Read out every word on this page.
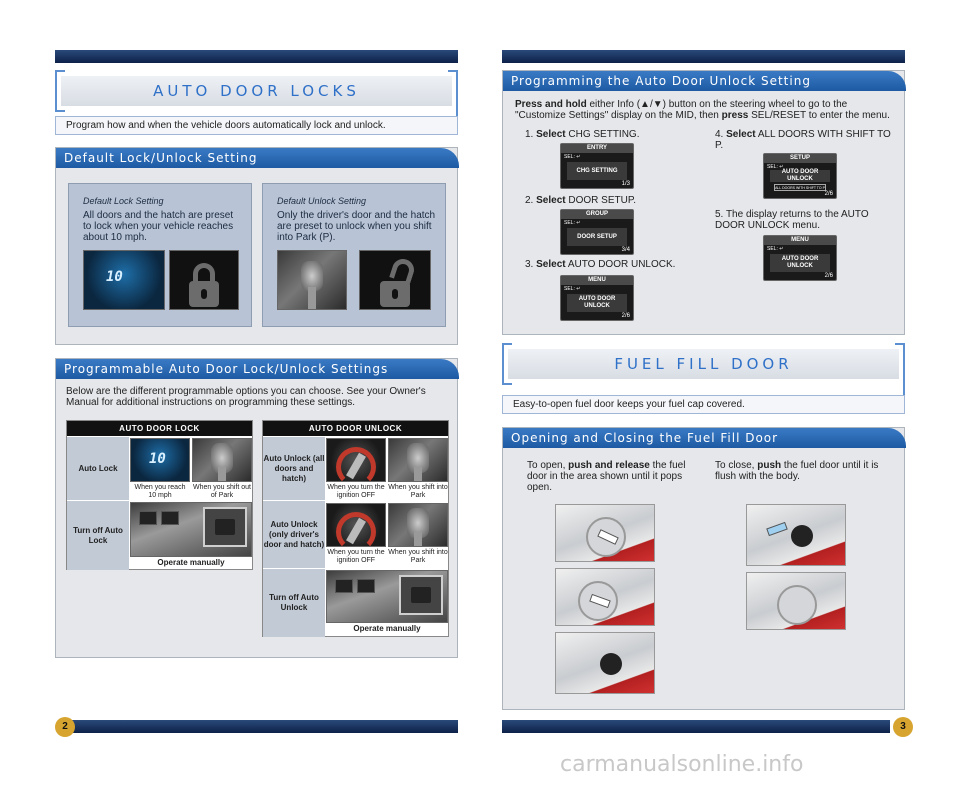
AUTO DOOR LOCKS
Program how and when the vehicle doors automatically lock and unlock.
Default Lock/Unlock Setting
Default Lock Setting
All doors and the hatch are preset to lock when your vehicle reaches about 10 mph.
10
Default Unlock Setting
Only the driver's door and the hatch are preset to unlock when you shift into Park (P).
Programmable Auto Door Lock/Unlock Settings
Below are the different programmable options you can choose. See your Owner's Manual for additional instructions on programming these settings.
AUTO DOOR LOCK
Auto Lock
10
When you reach 10 mph
When you shift out of Park
Turn off Auto Lock
Operate manually
AUTO DOOR UNLOCK
Auto Unlock (all doors and hatch)
When you turn the ignition OFF
When you shift into Park
Auto Unlock (only driver's door and hatch)
When you turn the ignition OFF
When you shift into Park
Turn off Auto Unlock
Operate manually
2
Programming the Auto Door Unlock Setting
Press and hold either Info (▲/▼) button on the steering wheel to go to the "Customize Settings" display on the MID, then press SEL/RESET to enter the menu.
1. Select CHG SETTING.
ENTRY
SEL: ↵
CHG SETTING
1/3
2. Select DOOR SETUP.
GROUP
SEL: ↵
DOOR SETUP
3/4
3. Select AUTO DOOR UNLOCK.
MENU
SEL: ↵
AUTO DOOR UNLOCK
2/6
4. Select ALL DOORS WITH SHIFT TO P.
SETUP
SEL: ↵
AUTO DOOR UNLOCK
ALL DOORS WITH SHIFT TO P
2/6
5. The display returns to the AUTO DOOR UNLOCK menu.
MENU
SEL: ↵
AUTO DOOR UNLOCK
2/6
FUEL FILL DOOR
Easy-to-open fuel door keeps your fuel cap covered.
Opening and Closing the Fuel Fill Door
To open, push and release the fuel door in the area shown until it pops open.
To close, push the fuel door until it is flush with the body.
3
carmanualsonline.info
